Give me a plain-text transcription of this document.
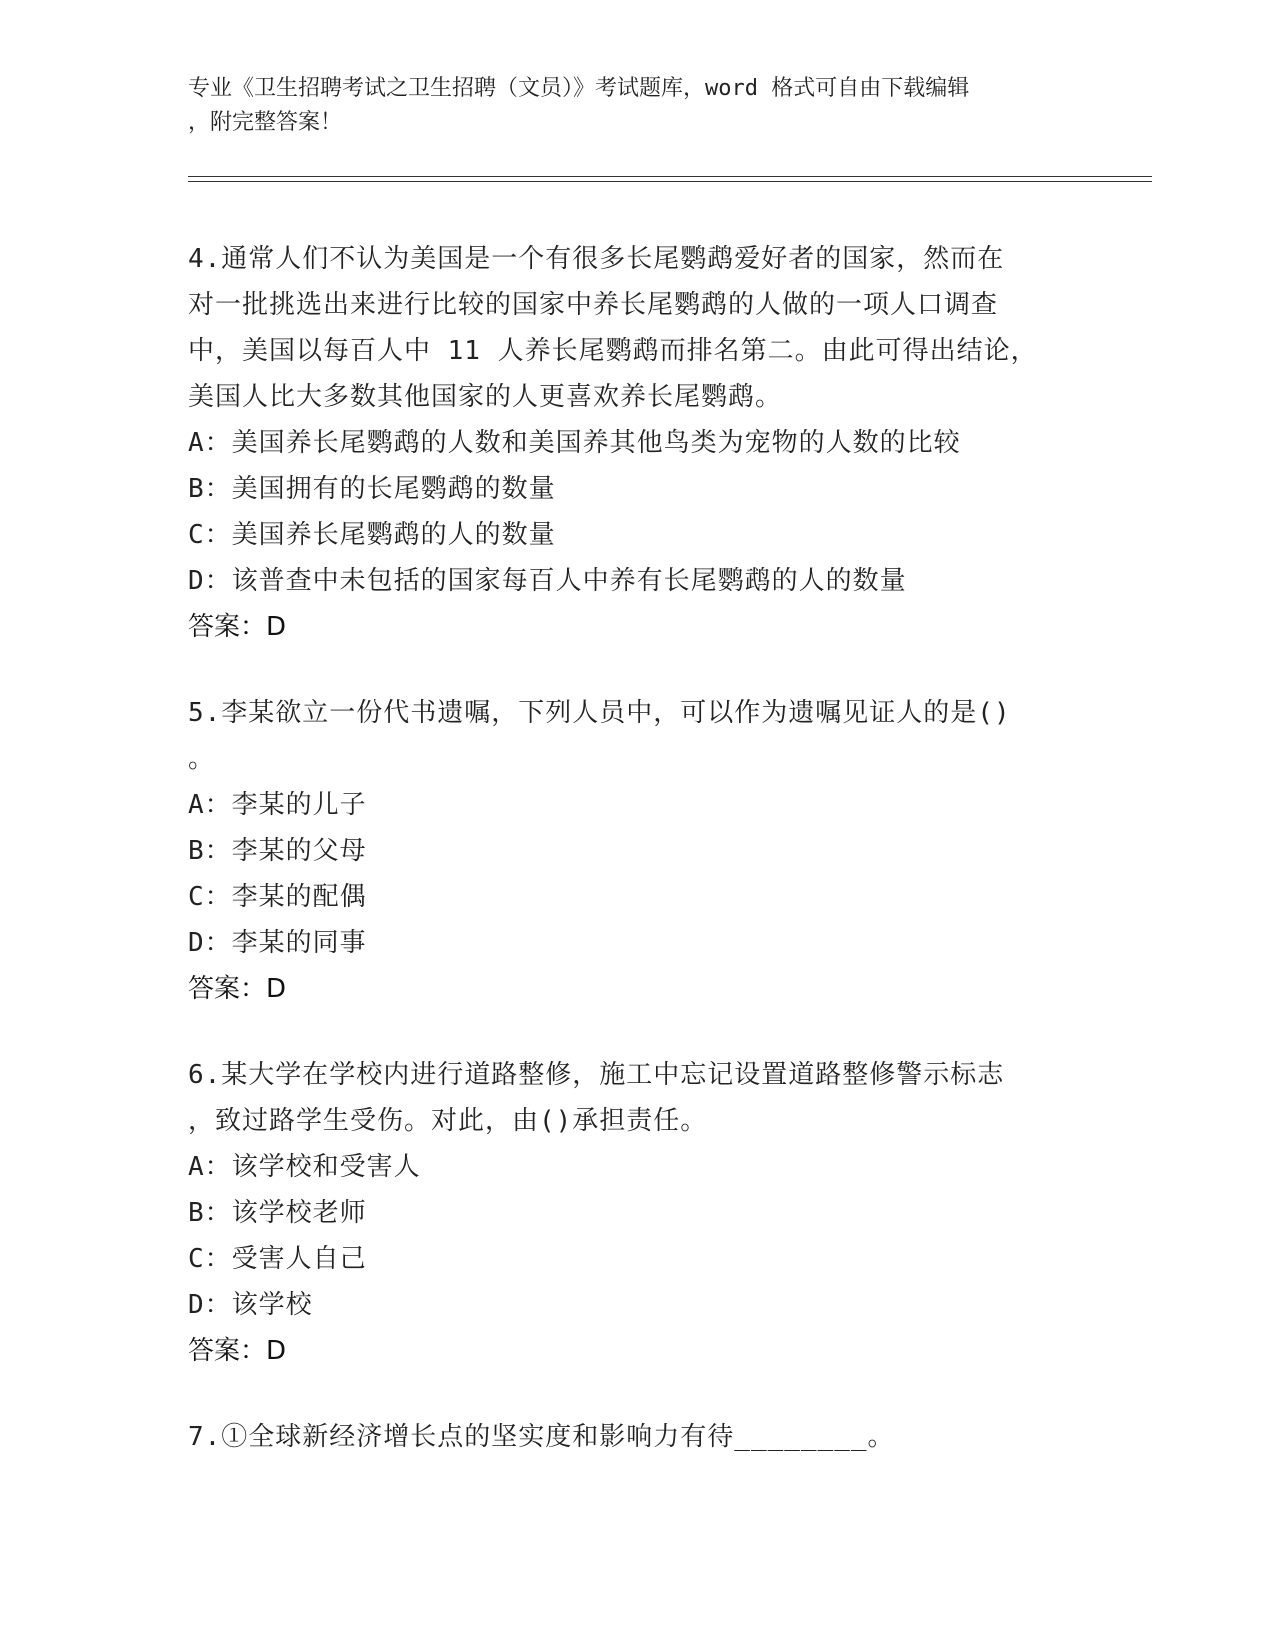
专业《卫生招聘考试之卫生招聘（文员）》考试题库，word 格式可自由下载编辑
，附完整答案！
4.通常人们不认为美国是一个有很多长尾鹦鹉爱好者的国家，然而在
对一批挑选出来进行比较的国家中养长尾鹦鹉的人做的一项人口调查
中，美国以每百人中 11 人养长尾鹦鹉而排名第二。由此可得出结论，
美国人比大多数其他国家的人更喜欢养长尾鹦鹉。
A：美国养长尾鹦鹉的人数和美国养其他鸟类为宠物的人数的比较
B：美国拥有的长尾鹦鹉的数量
C：美国养长尾鹦鹉的人的数量
D：该普查中未包括的国家每百人中养有长尾鹦鹉的人的数量
答案：D
5.李某欲立一份代书遗嘱，下列人员中，可以作为遗嘱见证人的是()
。
A：李某的儿子
B：李某的父母
C：李某的配偶
D：李某的同事
答案：D
6.某大学在学校内进行道路整修，施工中忘记设置道路整修警示标志
，致过路学生受伤。对此，由()承担责任。
A：该学校和受害人
B：该学校老师
C：受害人自己
D：该学校
答案：D
7.①全球新经济增长点的坚实度和影响力有待________。
